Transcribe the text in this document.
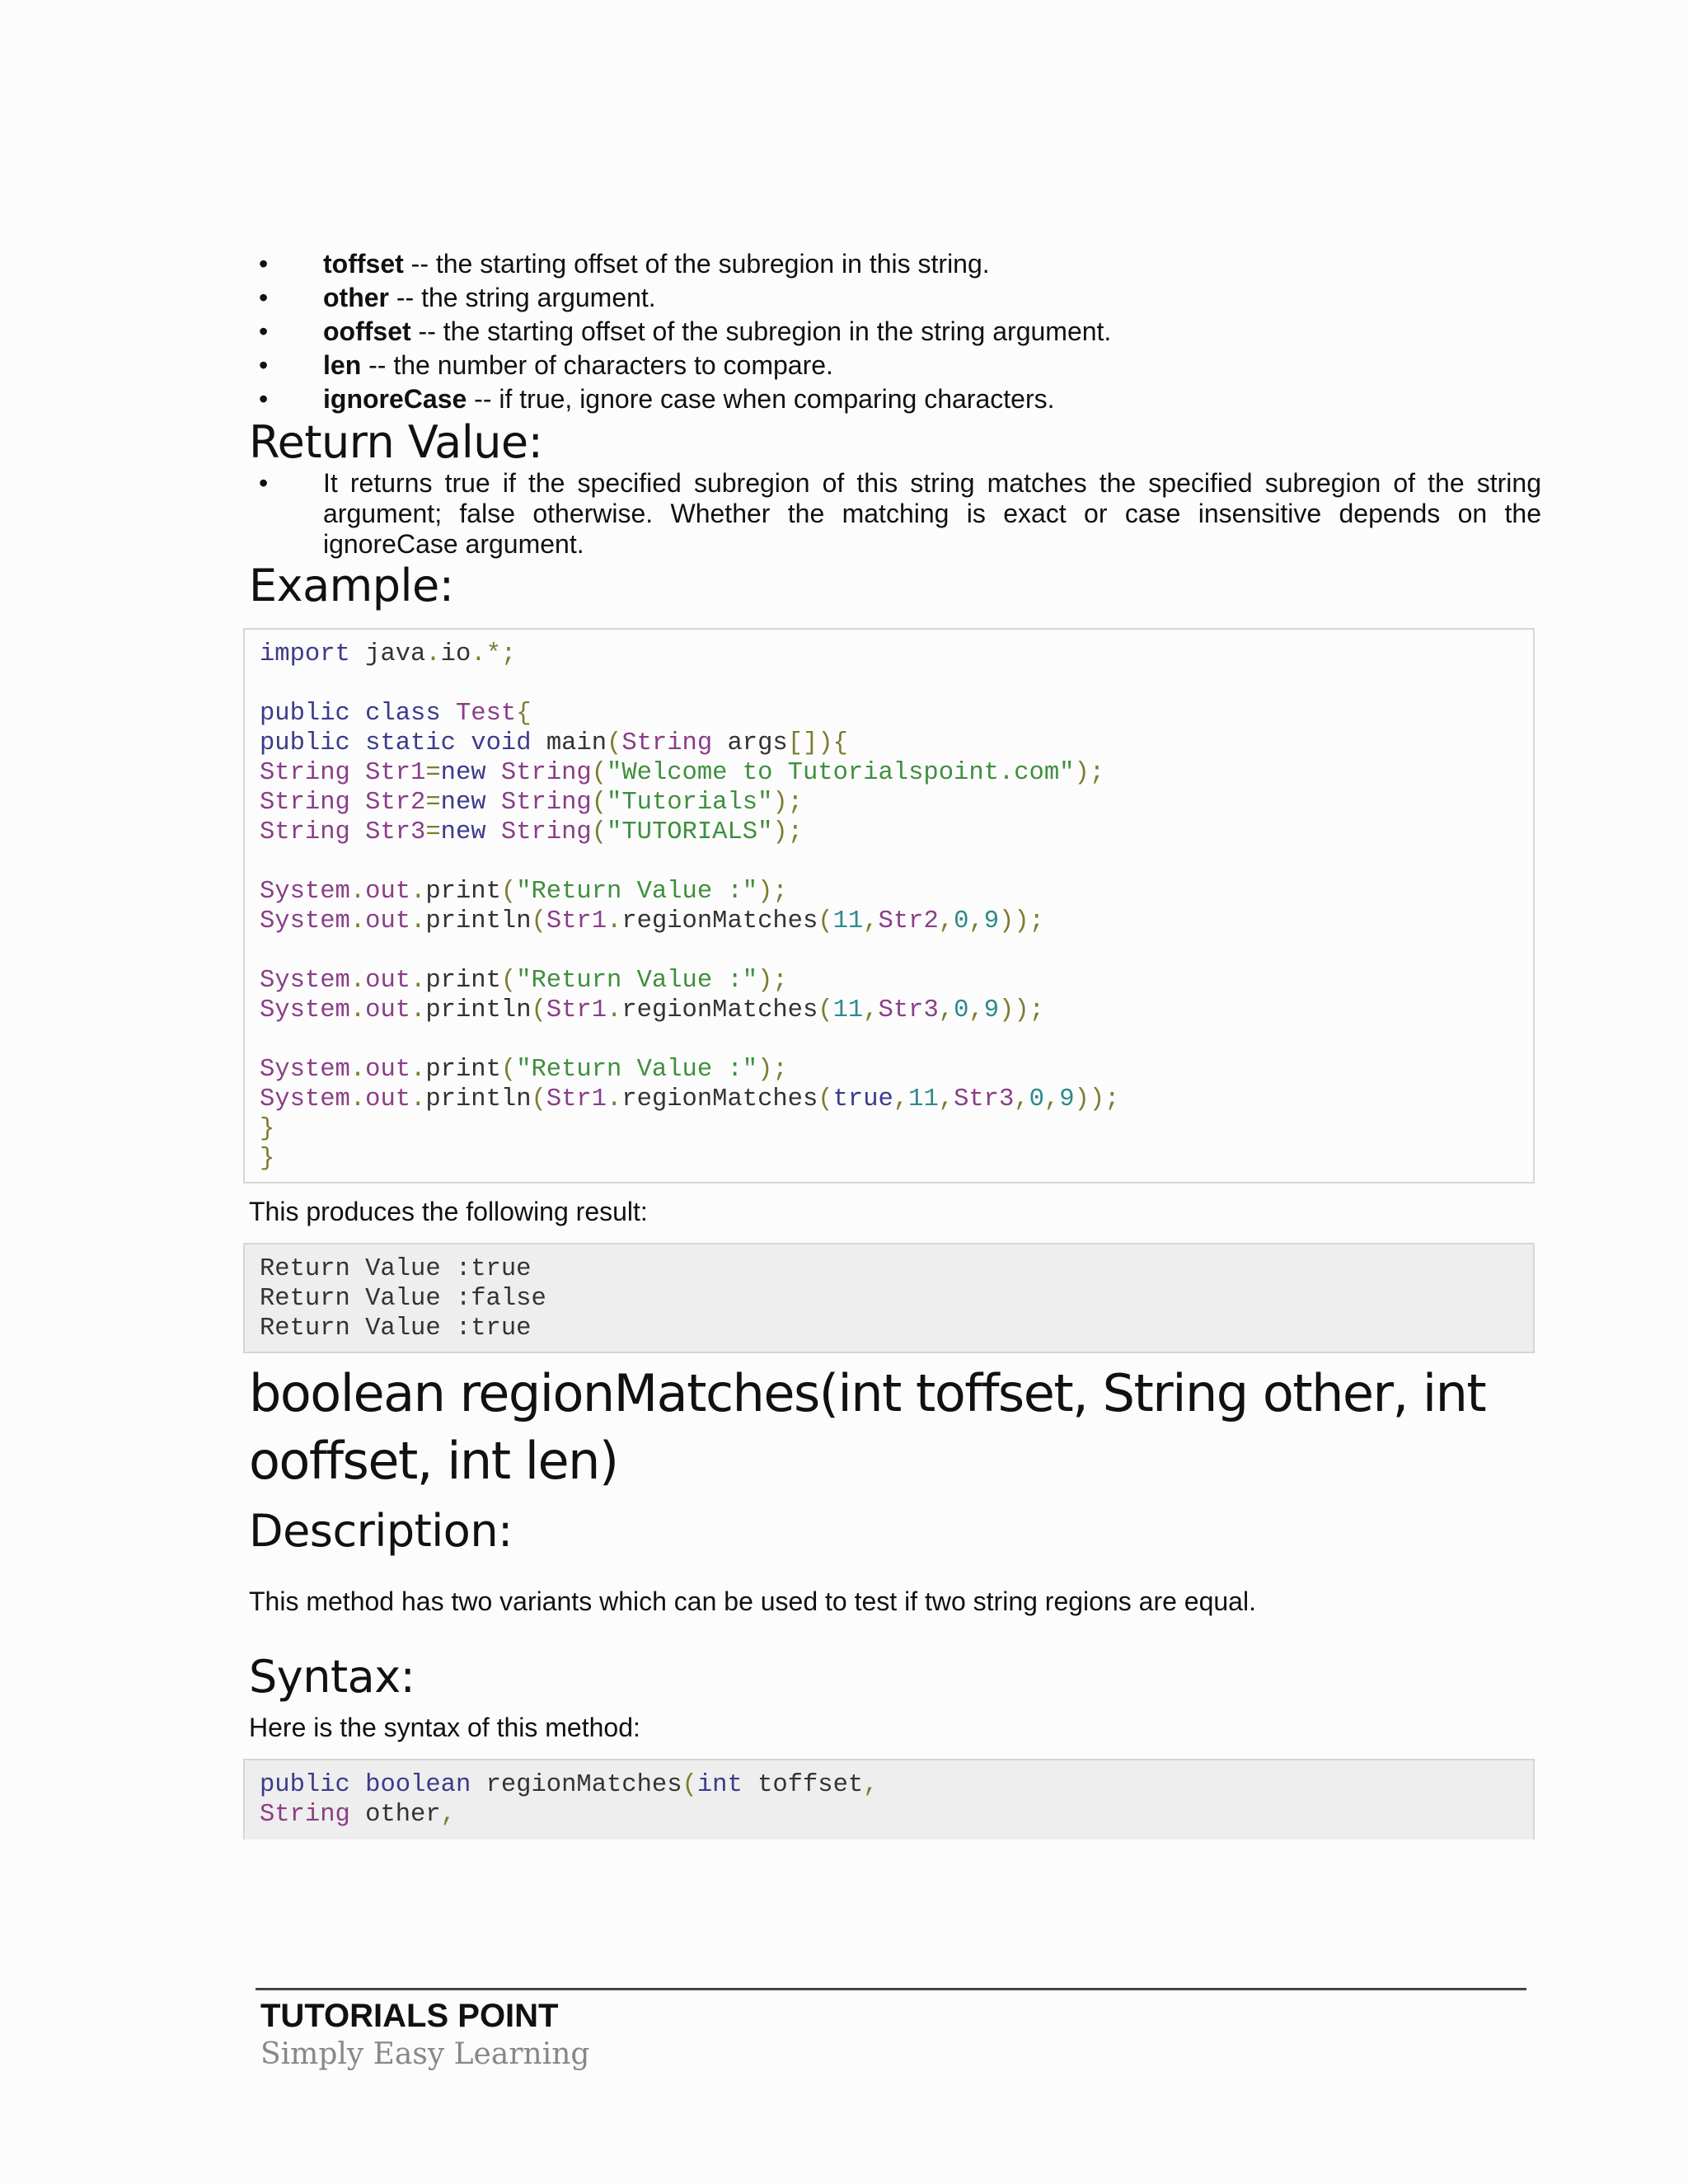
• toffset -- the starting offset of the subregion in this string.
• other -- the string argument.
• ooffset -- the starting offset of the subregion in the string argument.
• len -- the number of characters to compare.
• ignoreCase -- if true, ignore case when comparing characters.
Return Value:
• It returns true if the specified subregion of this string matches the specified subregion of the string argument; false otherwise. Whether the matching is exact or case insensitive depends on the ignoreCase argument.
Example:
import java.io.*;

public class Test{
public static void main(String args[]){
String Str1=new String("Welcome to Tutorialspoint.com");
String Str2=new String("Tutorials");
String Str3=new String("TUTORIALS");

System.out.print("Return Value :");
System.out.println(Str1.regionMatches(11,Str2,0,9));

System.out.print("Return Value :");
System.out.println(Str1.regionMatches(11,Str3,0,9));

System.out.print("Return Value :");
System.out.println(Str1.regionMatches(true,11,Str3,0,9));
}
}

This produces the following result:

Return Value :true
Return Value :false
Return Value :true
boolean regionMatches(int toffset, String other, int ooffset, int len)
Description:

This method has two variants which can be used to test if two string regions are equal.

Syntax:

Here is the syntax of this method:

public boolean regionMatches(int toffset,
String other,
TUTORIALS POINT
Simply Easy Learning
